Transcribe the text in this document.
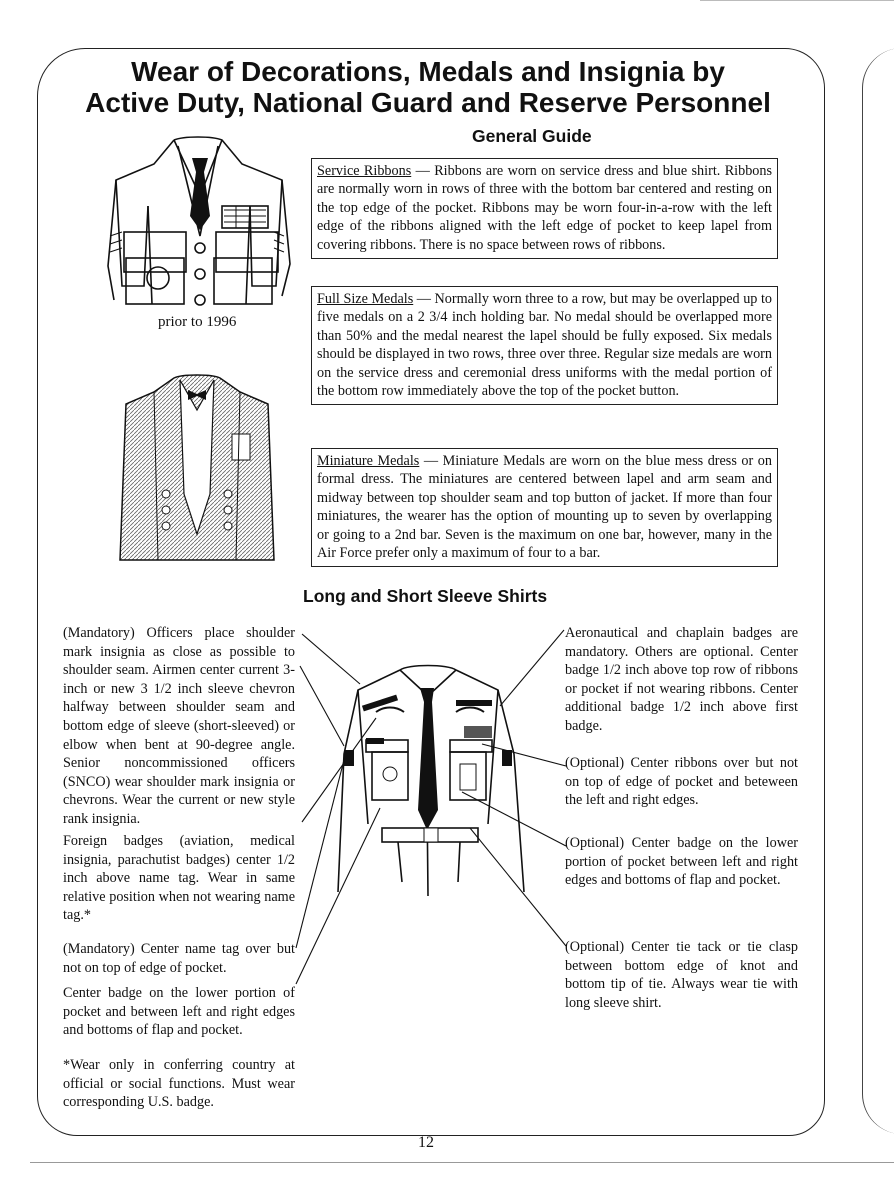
Wear of Decorations, Medals and Insignia by
Active Duty, National Guard and Reserve Personnel
General Guide
prior to 1996
Service Ribbons — Ribbons are worn on service dress and blue shirt. Ribbons are normally worn in rows of three with the bottom bar centered and resting on the top edge of the pocket. Ribbons may be worn four-in-a-row with the left edge of the ribbons aligned with the left edge of pocket to keep lapel from covering ribbons. There is no space between rows of ribbons.
Full Size Medals — Normally worn three to a row, but may be overlapped up to five medals on a 2 3/4 inch holding bar. No medal should be overlapped more than 50% and the medal nearest the lapel should be fully exposed. Six medals should be displayed in two rows, three over three. Regular size medals are worn on the service dress and ceremonial dress uniforms with the medal portion of the bottom row immediately above the top of the pocket button.
Miniature Medals — Miniature Medals are worn on the blue mess dress or on formal dress. The miniatures are centered between lapel and arm seam and midway between top shoulder seam and top button of jacket. If more than four miniatures, the wearer has the option of mounting up to seven by overlapping or going to a 2nd bar. Seven is the maximum on one bar, however, many in the Air Force prefer only a maximum of four to a bar.
Long and Short Sleeve Shirts

(Mandatory) Officers place shoulder mark insignia as close as possible to shoulder seam. Airmen center current 3-inch or new 3 1/2 inch sleeve chevron halfway between shoulder seam and bottom edge of sleeve (short-sleeved) or elbow when bent at 90-degree angle. Senior noncommissioned officers (SNCO) wear shoulder mark insignia or chevrons. Wear the current or new style rank insignia.

Foreign badges (aviation, medical insignia, parachutist badges) center 1/2 inch above name tag. Wear in same relative position when not wearing name tag.*

(Mandatory) Center name tag over but not on top of edge of pocket.

Center badge on the lower portion of pocket and between left and right edges and bottoms of flap and pocket.

*Wear only in conferring country at official or social functions. Must wear corresponding U.S. badge.

Aeronautical and chaplain badges are mandatory. Others are optional. Center badge 1/2 inch above top row of ribbons or pocket if not wearing ribbons. Center additional badge 1/2 inch above first badge.

(Optional) Center ribbons over but not on top of edge of pocket and beteween the left and right edges.

(Optional) Center badge on the lower portion of pocket between left and right edges and bottoms of flap and pocket.

(Optional) Center tie tack or tie clasp between bottom edge of knot and bottom tip of tie. Always wear tie with long sleeve shirt.

12
